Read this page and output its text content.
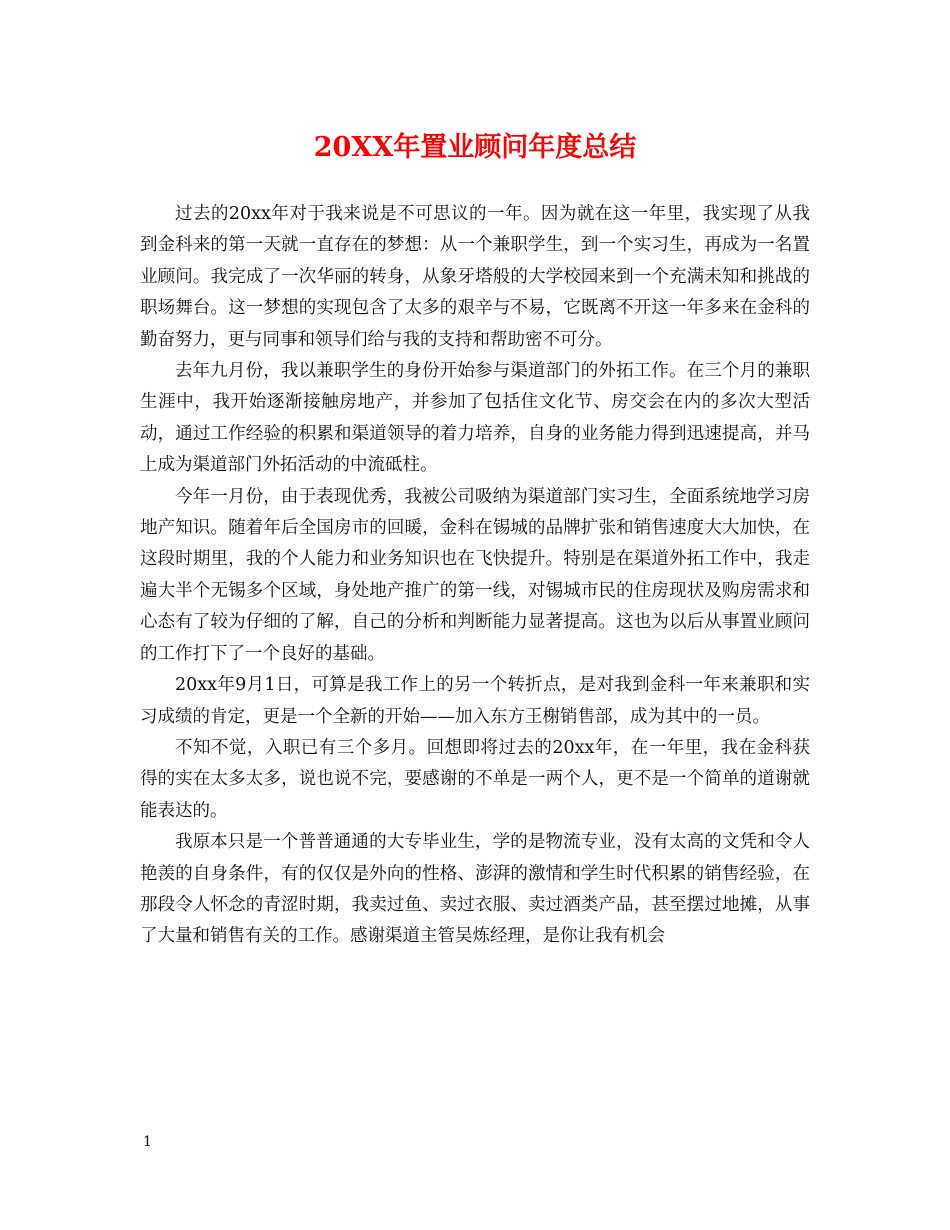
20XX年置业顾问年度总结

过去的20xx年对于我来说是不可思议的一年。因为就在这一年里，我实现了从我到金科来的第一天就一直存在的梦想：从一个兼职学生，到一个实习生，再成为一名置业顾问。我完成了一次华丽的转身，从象牙塔般的大学校园来到一个充满未知和挑战的职场舞台。这一梦想的实现包含了太多的艰辛与不易，它既离不开这一年多来在金科的勤奋努力，更与同事和领导们给与我的支持和帮助密不可分。

去年九月份，我以兼职学生的身份开始参与渠道部门的外拓工作。在三个月的兼职生涯中，我开始逐渐接触房地产，并参加了包括住文化节、房交会在内的多次大型活动，通过工作经验的积累和渠道领导的着力培养，自身的业务能力得到迅速提高，并马上成为渠道部门外拓活动的中流砥柱。

今年一月份，由于表现优秀，我被公司吸纳为渠道部门实习生，全面系统地学习房地产知识。随着年后全国房市的回暖，金科在锡城的品牌扩张和销售速度大大加快，在这段时期里，我的个人能力和业务知识也在飞快提升。特别是在渠道外拓工作中，我走遍大半个无锡多个区域，身处地产推广的第一线，对锡城市民的住房现状及购房需求和心态有了较为仔细的了解，自己的分析和判断能力显著提高。这也为以后从事置业顾问的工作打下了一个良好的基础。

20xx年9月1日，可算是我工作上的另一个转折点，是对我到金科一年来兼职和实习成绩的肯定，更是一个全新的开始——加入东方王榭销售部，成为其中的一员。

不知不觉，入职已有三个多月。回想即将过去的20xx年，在一年里，我在金科获得的实在太多太多，说也说不完，要感谢的不单是一两个人，更不是一个简单的道谢就能表达的。

我原本只是一个普普通通的大专毕业生，学的是物流专业，没有太高的文凭和令人艳羡的自身条件，有的仅仅是外向的性格、澎湃的激情和学生时代积累的销售经验，在那段令人怀念的青涩时期，我卖过鱼、卖过衣服、卖过酒类产品，甚至摆过地摊，从事了大量和销售有关的工作。感谢渠道主管吴炼经理，是你让我有机会

1
